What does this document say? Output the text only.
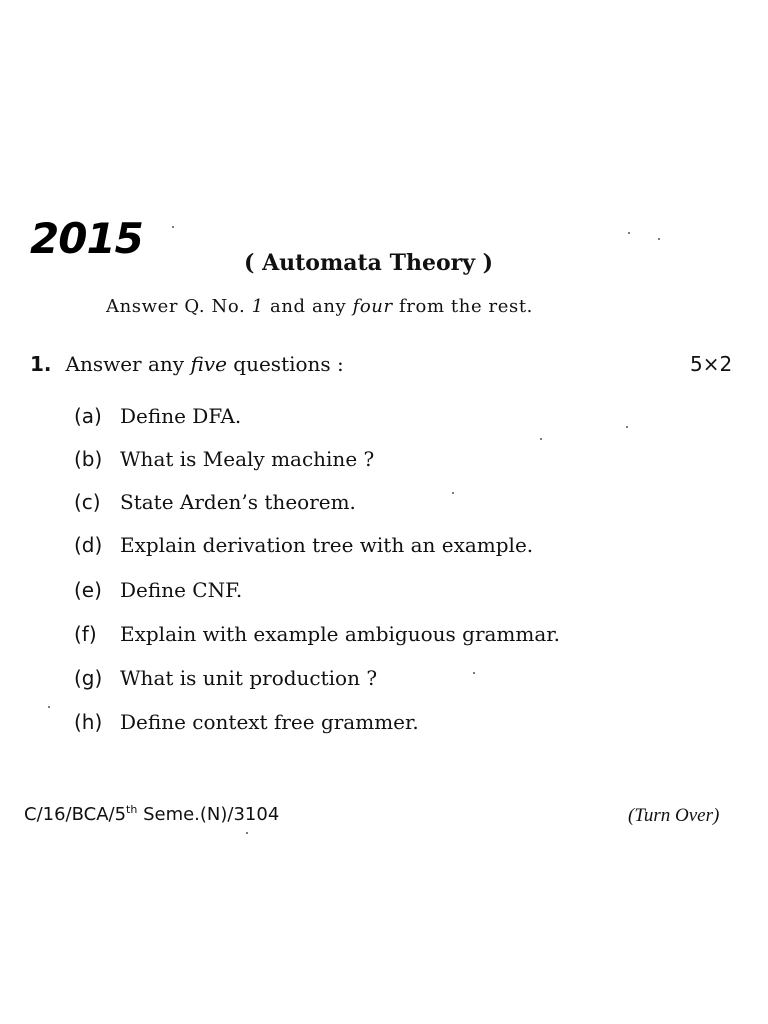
2015	( Automata Theory )
Answer Q. No. 1 and any four from the rest.
1. Answer any five questions :	5×2
(a) Define DFA.
(b) What is Mealy machine ?
(c) State Arden’s theorem.
(d) Explain derivation tree with an example.
(e) Define CNF.
(f) Explain with example ambiguous grammar.
(g) What is unit production ?
(h) Define context free grammer.
C/16/BCA/5th Seme.(N)/3104	(Turn Over)
